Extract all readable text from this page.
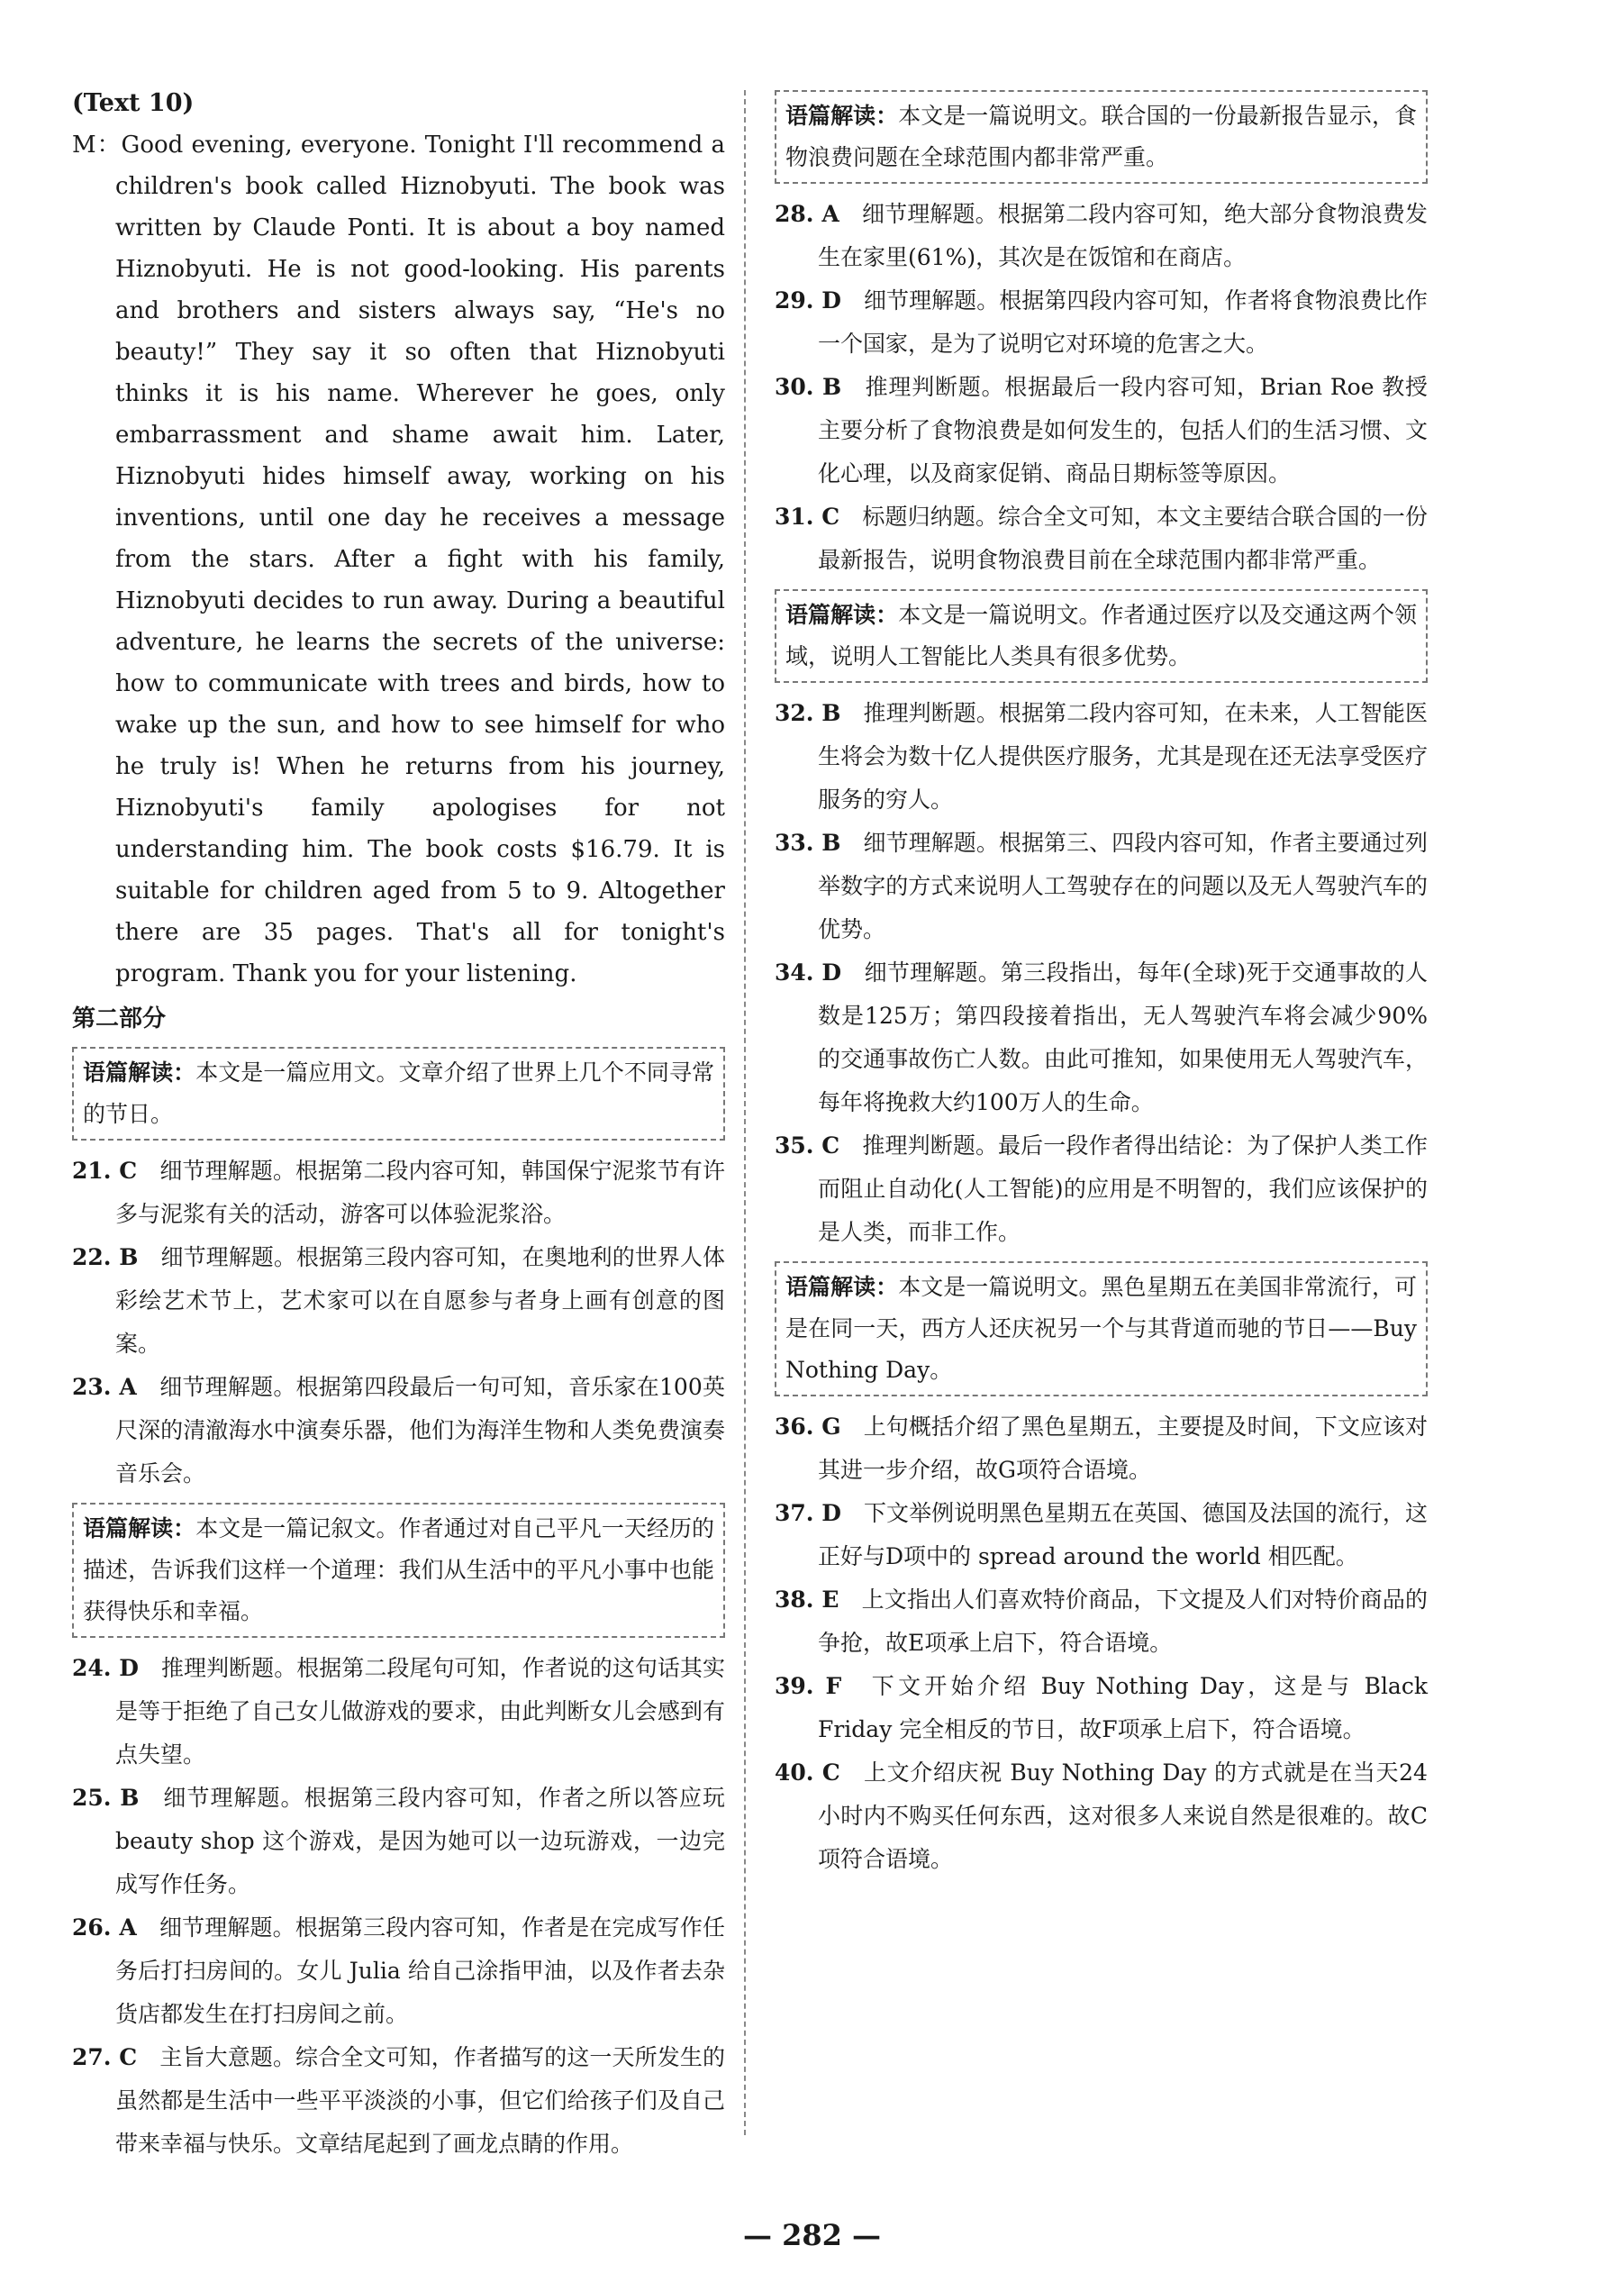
(Text 10)

M：Good evening, everyone. Tonight I'll recommend a children's book called Hiznobyuti. The book was written by Claude Ponti. It is about a boy named Hiznobyuti. He is not good-looking. His parents and brothers and sisters always say, “He's no beauty!” They say it so often that Hiznobyuti thinks it is his name. Wherever he goes, only embarrassment and shame await him. Later, Hiznobyuti hides himself away, working on his inventions, until one day he receives a message from the stars. After a fight with his family, Hiznobyuti decides to run away. During a beautiful adventure, he learns the secrets of the universe: how to communicate with trees and birds, how to wake up the sun, and how to see himself for who he truly is! When he returns from his journey, Hiznobyuti's family apologises for not understanding him. The book costs $16.79. It is suitable for children aged from 5 to 9. Altogether there are 35 pages. That's all for tonight's program. Thank you for your listening.

第二部分

语篇解读：本文是一篇应用文。文章介绍了世界上几个不同寻常的节日。

21. C　 细节理解题。根据第二段内容可知，韩国保宁泥浆节有许多与泥浆有关的活动，游客可以体验泥浆浴。

22. B　 细节理解题。根据第三段内容可知，在奥地利的世界人体彩绘艺术节上，艺术家可以在自愿参与者身上画有创意的图案。

23. A　 细节理解题。根据第四段最后一句可知，音乐家在100英尺深的清澈海水中演奏乐器，他们为海洋生物和人类免费演奏音乐会。

语篇解读：本文是一篇记叙文。作者通过对自己平凡一天经历的描述，告诉我们这样一个道理：我们从生活中的平凡小事中也能获得快乐和幸福。

24. D　 推理判断题。根据第二段尾句可知，作者说的这句话其实是等于拒绝了自己女儿做游戏的要求，由此判断女儿会感到有点失望。

25. B　 细节理解题。根据第三段内容可知，作者之所以答应玩 beauty shop 这个游戏，是因为她可以一边玩游戏，一边完成写作任务。

26. A　 细节理解题。根据第三段内容可知，作者是在完成写作任务后打扫房间的。女儿 Julia 给自己涂指甲油，以及作者去杂货店都发生在打扫房间之前。

27. C　 主旨大意题。综合全文可知，作者描写的这一天所发生的虽然都是生活中一些平平淡淡的小事，但它们给孩子们及自己带来幸福与快乐。文章结尾起到了画龙点睛的作用。

语篇解读：本文是一篇说明文。联合国的一份最新报告显示，食物浪费问题在全球范围内都非常严重。

28. A　 细节理解题。根据第二段内容可知，绝大部分食物浪费发生在家里(61%)，其次是在饭馆和在商店。

29. D　 细节理解题。根据第四段内容可知，作者将食物浪费比作一个国家，是为了说明它对环境的危害之大。

30. B　 推理判断题。根据最后一段内容可知，Brian Roe 教授主要分析了食物浪费是如何发生的，包括人们的生活习惯、文化心理，以及商家促销、商品日期标签等原因。

31. C　 标题归纳题。综合全文可知，本文主要结合联合国的一份最新报告，说明食物浪费目前在全球范围内都非常严重。

语篇解读：本文是一篇说明文。作者通过医疗以及交通这两个领域，说明人工智能比人类具有很多优势。

32. B　 推理判断题。根据第二段内容可知，在未来，人工智能医生将会为数十亿人提供医疗服务，尤其是现在还无法享受医疗服务的穷人。

33. B　 细节理解题。根据第三、四段内容可知，作者主要通过列举数字的方式来说明人工驾驶存在的问题以及无人驾驶汽车的优势。

34. D　 细节理解题。第三段指出，每年(全球)死于交通事故的人数是125万；第四段接着指出，无人驾驶汽车将会减少90%的交通事故伤亡人数。由此可推知，如果使用无人驾驶汽车，每年将挽救大约100万人的生命。

35. C　 推理判断题。最后一段作者得出结论：为了保护人类工作而阻止自动化(人工智能)的应用是不明智的，我们应该保护的是人类，而非工作。

语篇解读：本文是一篇说明文。黑色星期五在美国非常流行，可是在同一天，西方人还庆祝另一个与其背道而驰的节日——Buy Nothing Day。

36. G　 上句概括介绍了黑色星期五，主要提及时间，下文应该对其进一步介绍，故G项符合语境。

37. D　 下文举例说明黑色星期五在英国、德国及法国的流行，这正好与D项中的 spread around the world 相匹配。

38. E　 上文指出人们喜欢特价商品，下文提及人们对特价商品的争抢，故E项承上启下，符合语境。

39. F　 下文开始介绍 Buy Nothing Day，这是与 Black Friday 完全相反的节日，故F项承上启下，符合语境。

40. C　 上文介绍庆祝 Buy Nothing Day 的方式就是在当天24小时内不购买任何东西，这对很多人来说自然是很难的。故C项符合语境。

— 282 —
